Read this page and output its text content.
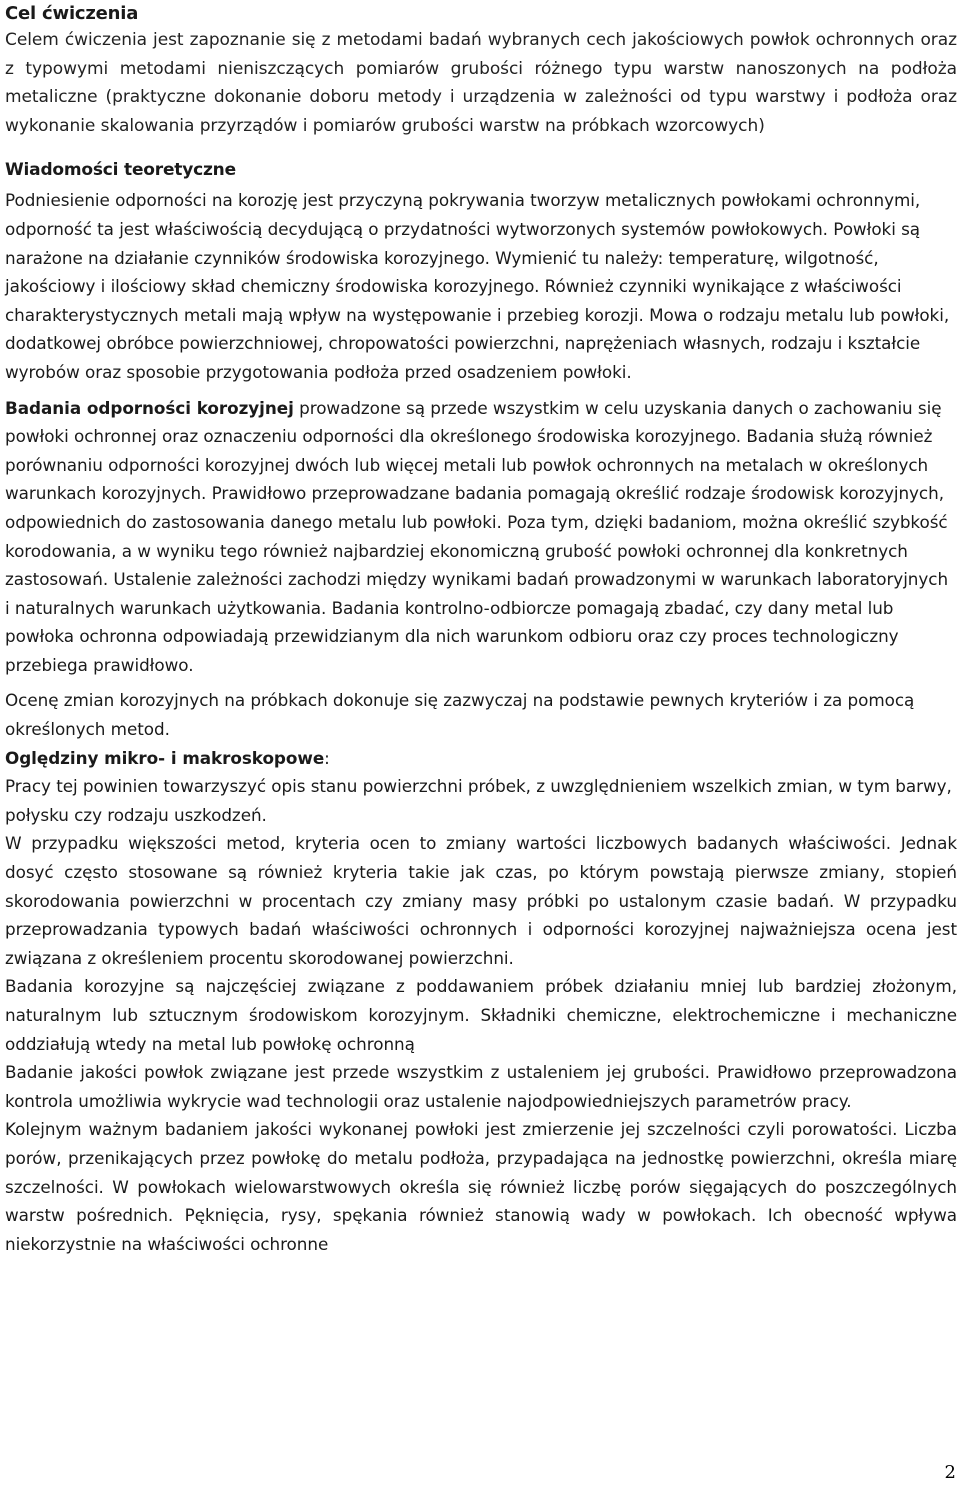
Cel ćwiczenia

Celem ćwiczenia jest zapoznanie się z metodami badań wybranych cech jakościowych powłok ochronnych oraz z typowymi metodami nieniszczących pomiarów grubości różnego typu warstw nanoszonych na podłoża metaliczne (praktyczne dokonanie doboru metody i urządzenia w zależności od typu warstwy i podłoża oraz wykonanie skalowania przyrządów i pomiarów grubości warstw na próbkach wzorcowych)

Wiadomości teoretyczne

Podniesienie odporności na korozję jest przyczyną pokrywania tworzyw metalicznych powłokami ochronnymi, odporność ta jest właściwością decydującą o przydatności wytworzonych systemów powłokowych. Powłoki są narażone na działanie czynników środowiska korozyjnego. Wymienić tu należy: temperaturę, wilgotność, jakościowy i ilościowy skład chemiczny środowiska korozyjnego. Również czynniki wynikające z właściwości charakterystycznych metali mają wpływ na występowanie i przebieg korozji. Mowa o rodzaju metalu lub powłoki, dodatkowej obróbce powierzchniowej, chropowatości powierzchni, naprężeniach własnych, rodzaju i kształcie wyrobów oraz sposobie przygotowania podłoża przed osadzeniem powłoki.

Badania odporności korozyjnej prowadzone są przede wszystkim w celu uzyskania danych o zachowaniu się powłoki ochronnej oraz oznaczeniu odporności dla określonego środowiska korozyjnego. Badania służą również porównaniu odporności korozyjnej dwóch lub więcej metali lub powłok ochronnych na metalach w określonych warunkach korozyjnych. Prawidłowo przeprowadzane badania pomagają określić rodzaje środowisk korozyjnych, odpowiednich do zastosowania danego metalu lub powłoki. Poza tym, dzięki badaniom, można określić szybkość korodowania, a w wyniku tego również najbardziej ekonomiczną grubość powłoki ochronnej dla konkretnych zastosowań. Ustalenie zależności zachodzi między wynikami badań prowadzonymi w warunkach laboratoryjnych i naturalnych warunkach użytkowania. Badania kontrolno-odbiorcze pomagają zbadać, czy dany metal lub powłoka ochronna odpowiadają przewidzianym dla nich warunkom odbioru oraz czy proces technologiczny przebiega prawidłowo.

Ocenę zmian korozyjnych na próbkach dokonuje się zazwyczaj na podstawie pewnych kryteriów i za pomocą określonych metod.

Oględziny mikro- i makroskopowe:

Pracy tej powinien towarzyszyć opis stanu powierzchni próbek, z uwzględnieniem wszelkich zmian, w tym barwy, połysku czy rodzaju uszkodzeń.

W przypadku większości metod, kryteria ocen to zmiany wartości liczbowych badanych właściwości. Jednak dosyć często stosowane są również kryteria takie jak czas, po którym powstają pierwsze zmiany, stopień skorodowania powierzchni w procentach czy zmiany masy próbki po ustalonym czasie badań. W przypadku przeprowadzania typowych badań właściwości ochronnych i odporności korozyjnej najważniejsza ocena jest związana z określeniem procentu skorodowanej powierzchni.

Badania korozyjne są najczęściej związane z poddawaniem próbek działaniu mniej lub bardziej złożonym, naturalnym lub sztucznym środowiskom korozyjnym. Składniki chemiczne, elektrochemiczne i mechaniczne oddziałują wtedy na metal lub powłokę ochronną

Badanie jakości powłok związane jest przede wszystkim z ustaleniem jej grubości. Prawidłowo przeprowadzona kontrola umożliwia wykrycie wad technologii oraz ustalenie najodpowiedniejszych parametrów pracy.

Kolejnym ważnym badaniem jakości wykonanej powłoki jest zmierzenie jej szczelności czyli porowatości. Liczba porów, przenikających przez powłokę do metalu podłoża, przypadająca na jednostkę powierzchni, określa miarę szczelności. W powłokach wielowarstwowych określa się również liczbę porów sięgających do poszczególnych warstw pośrednich. Pęknięcia, rysy, spękania również stanowią wady w powłokach. Ich obecność wpływa niekorzystnie na właściwości ochronne

2
